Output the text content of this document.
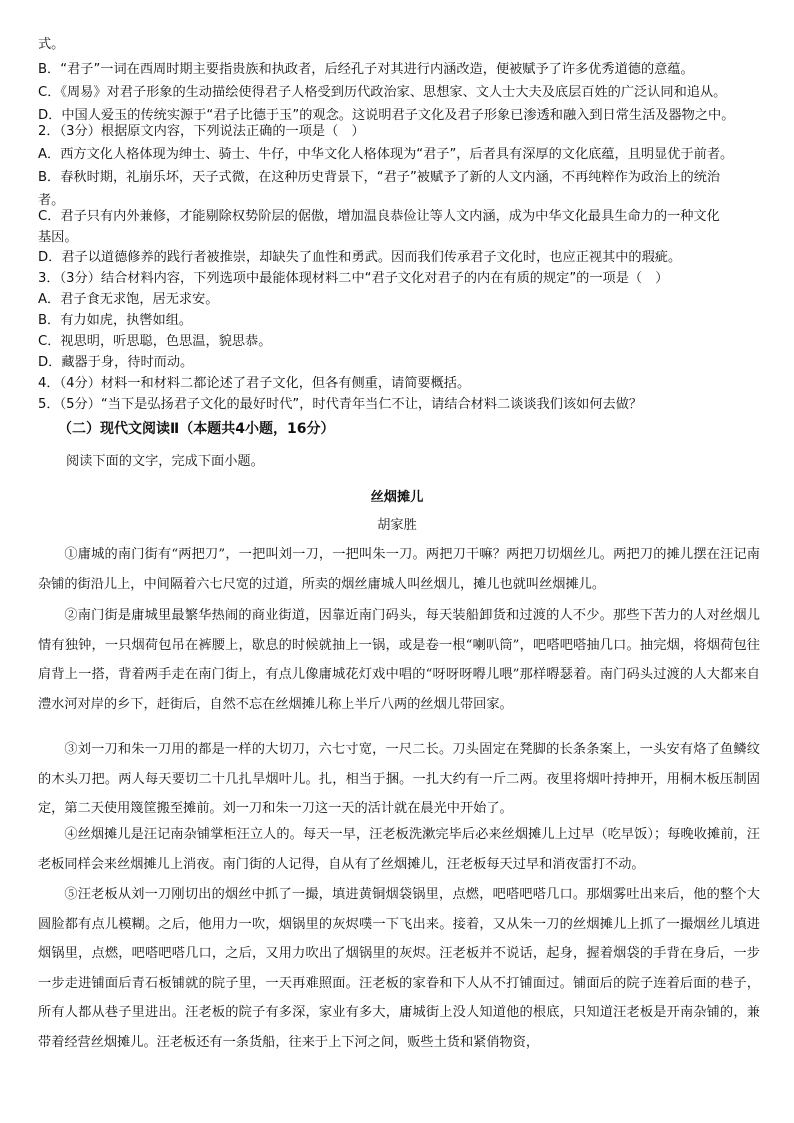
式。
B．“君子”一词在西周时期主要指贵族和执政者，后经孔子对其进行内涵改造，便被赋予了许多优秀道德的意蕴。
C．《周易》对君子形象的生动描绘使得君子人格受到历代政治家、思想家、文人士大夫及底层百姓的广泛认同和追从。
D．中国人爱玉的传统实源于“君子比德于玉”的观念。这说明君子文化及君子形象已渗透和融入到日常生活及器物之中。
2．（3分）根据原文内容，下列说法正确的一项是（　）
A．西方文化人格体现为绅士、骑士、牛仔，中华文化人格体现为“君子”，后者具有深厚的文化底蕴，且明显优于前者。
B．春秋时期，礼崩乐坏，天子式微，在这种历史背景下，“君子”被赋予了新的人文内涵，不再纯粹作为政治上的统治
者。
C．君子只有内外兼修，才能剔除权势阶层的倨傲，增加温良恭俭让等人文内涵，成为中华文化最具生命力的一种文化
基因。
D．君子以道德修养的践行者被推崇，却缺失了血性和勇武。因而我们传承君子文化时，也应正视其中的瑕疵。
3．（3分）结合材料内容，下列选项中最能体现材料二中“君子文化对君子的内在有质的规定”的一项是（　）
A．君子食无求饱，居无求安。
B．有力如虎，执辔如组。
C．视思明，听思聪，色思温，貌思恭。
D．藏器于身，待时而动。
4．（4分）材料一和材料二都论述了君子文化，但各有侧重，请简要概括。
5．（5分）“当下是弘扬君子文化的最好时代”，时代青年当仁不让，请结合材料二谈谈我们该如何去做？
（二）现代文阅读Ⅱ（本题共4小题，16分）
阅读下面的文字，完成下面小题。
丝烟摊儿
胡家胜
①庸城的南门街有“两把刀”，一把叫刘一刀，一把叫朱一刀。两把刀干嘛？两把刀切烟丝儿。两把刀的摊儿摆在汪记南杂铺的街沿儿上，中间隔着六七尺宽的过道，所卖的烟丝庸城人叫丝烟儿，摊儿也就叫丝烟摊儿。
②南门街是庸城里最繁华热闹的商业街道，因靠近南门码头，每天装船卸货和过渡的人不少。那些下苦力的人对丝烟儿情有独钟，一只烟荷包吊在裤腰上，歇息的时候就抽上一锅，或是卷一根“喇叭筒”，吧嗒吧嗒抽几口。抽完烟，将烟荷包往肩背上一搭，背着两手走在南门街上，有点儿像庸城花灯戏中唱的“呀呀呀嘚儿喂”那样嘚瑟着。南门码头过渡的人大都来自澧水河对岸的乡下，赶街后，自然不忘在丝烟摊儿称上半斤八两的丝烟儿带回家。
③刘一刀和朱一刀用的都是一样的大切刀，六七寸宽，一尺二长。刀头固定在凳脚的长条条案上，一头安有烙了鱼鳞纹的木头刀把。两人每天要切二十几扎旱烟叶儿。扎，相当于捆。一扎大约有一斤二两。夜里将烟叶持抻开，用桐木板压制固定，第二天使用篾筐搬至摊前。刘一刀和朱一刀这一天的活计就在晨光中开始了。
④丝烟摊儿是汪记南杂铺掌柜汪立人的。每天一早，汪老板洗漱完毕后必来丝烟摊儿上过早（吃早饭）；每晚收摊前，汪老板同样会来丝烟摊儿上消夜。南门街的人记得，自从有了丝烟摊儿，汪老板每天过早和消夜雷打不动。
⑤汪老板从刘一刀刚切出的烟丝中抓了一撮，填进黄铜烟袋锅里，点燃，吧嗒吧嗒几口。那烟雾吐出来后，他的整个大圆脸都有点儿模糊。之后，他用力一吹，烟锅里的灰烬噗一下飞出来。接着，又从朱一刀的丝烟摊儿上抓了一撮烟丝儿填进烟锅里，点燃，吧嗒吧嗒几口，之后，又用力吹出了烟锅里的灰烬。汪老板并不说话，起身，握着烟袋的手背在身后，一步一步走进铺面后青石板铺就的院子里，一天再难照面。汪老板的家眷和下人从不打铺面过。铺面后的院子连着后面的巷子，所有人都从巷子里进出。汪老板的院子有多深，家业有多大，庸城街上没人知道他的根底，只知道汪老板是开南杂铺的，兼带着经营丝烟摊儿。汪老板还有一条货船，往来于上下河之间，贩些土货和紧俏物资，
